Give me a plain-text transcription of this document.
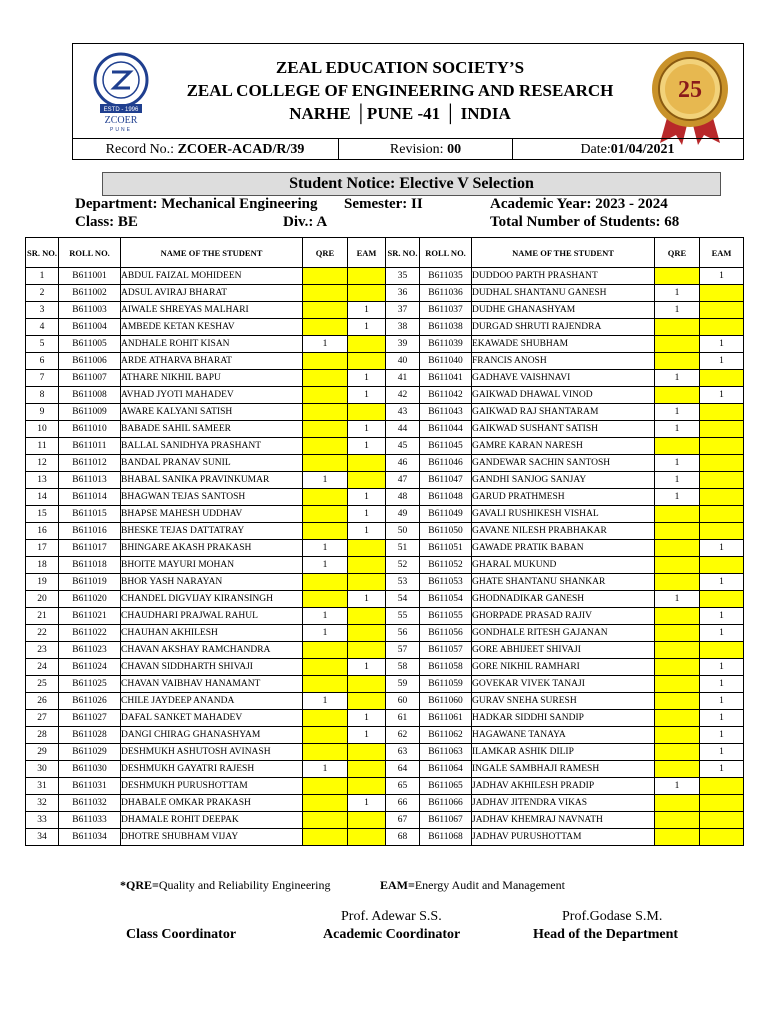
ESTD - 1996
ZCOER
PUNE
25
ZEAL EDUCATION SOCIETY’S
ZEAL COLLEGE OF ENGINEERING AND RESEARCH
NARHE │PUNE -41 │ INDIA
Record No.: ZCOER-ACAD/R/39	Revision: 00	Date:01/04/2021
Student Notice: Elective V Selection
Department: Mechanical Engineering Semester: II	Academic Year: 2023 - 2024
Class: BE	Div.: A	Total Number of Students: 68
SR. NO.	ROLL NO.	NAME OF THE STUDENT	QRE	EAM	SR. NO.	ROLL NO.	NAME OF THE STUDENT	QRE	EAM
1	B611001	ABDUL FAIZAL MOHIDEEN			35	B611035	DUDDOO PARTH PRASHANT		1
2	B611002	ADSUL AVIRAJ BHARAT			36	B611036	DUDHAL SHANTANU GANESH	1	
3	B611003	AIWALE SHREYAS MALHARI		1	37	B611037	DUDHE GHANASHYAM	1	
4	B611004	AMBEDE KETAN KESHAV		1	38	B611038	DURGAD SHRUTI RAJENDRA		
5	B611005	ANDHALE ROHIT KISAN	1		39	B611039	EKAWADE SHUBHAM		1
6	B611006	ARDE ATHARVA BHARAT			40	B611040	FRANCIS ANOSH		1
7	B611007	ATHARE NIKHIL BAPU		1	41	B611041	GADHAVE VAISHNAVI	1	
8	B611008	AVHAD JYOTI MAHADEV		1	42	B611042	GAIKWAD DHAWAL VINOD		1
9	B611009	AWARE KALYANI SATISH			43	B611043	GAIKWAD RAJ SHANTARAM	1	
10	B611010	BABADE SAHIL SAMEER		1	44	B611044	GAIKWAD SUSHANT SATISH	1	
11	B611011	BALLAL SANIDHYA PRASHANT		1	45	B611045	GAMRE KARAN NARESH		
12	B611012	BANDAL PRANAV SUNIL			46	B611046	GANDEWAR SACHIN SANTOSH	1	
13	B611013	BHABAL SANIKA PRAVINKUMAR	1		47	B611047	GANDHI SANJOG SANJAY	1	
14	B611014	BHAGWAN TEJAS SANTOSH		1	48	B611048	GARUD PRATHMESH	1	
15	B611015	BHAPSE MAHESH UDDHAV		1	49	B611049	GAVALI RUSHIKESH VISHAL		
16	B611016	BHESKE TEJAS DATTATRAY		1	50	B611050	GAVANE NILESH PRABHAKAR		
17	B611017	BHINGARE AKASH PRAKASH	1		51	B611051	GAWADE PRATIK BABAN		1
18	B611018	BHOITE MAYURI MOHAN	1		52	B611052	GHARAL MUKUND		
19	B611019	BHOR YASH NARAYAN			53	B611053	GHATE SHANTANU SHANKAR		1
20	B611020	CHANDEL DIGVIJAY KIRANSINGH		1	54	B611054	GHODNADIKAR GANESH	1	
21	B611021	CHAUDHARI PRAJWAL RAHUL	1		55	B611055	GHORPADE PRASAD RAJIV		1
22	B611022	CHAUHAN AKHILESH	1		56	B611056	GONDHALE RITESH GAJANAN		1
23	B611023	CHAVAN AKSHAY RAMCHANDRA			57	B611057	GORE ABHIJEET SHIVAJI		
24	B611024	CHAVAN SIDDHARTH SHIVAJI		1	58	B611058	GORE NIKHIL RAMHARI		1
25	B611025	CHAVAN VAIBHAV HANAMANT			59	B611059	GOVEKAR VIVEK TANAJI		1
26	B611026	CHILE JAYDEEP ANANDA	1		60	B611060	GURAV SNEHA SURESH		1
27	B611027	DAFAL SANKET MAHADEV		1	61	B611061	HADKAR SIDDHI SANDIP		1
28	B611028	DANGI CHIRAG GHANASHYAM		1	62	B611062	HAGAWANE TANAYA		1
29	B611029	DESHMUKH ASHUTOSH AVINASH			63	B611063	ILAMKAR ASHIK DILIP		1
30	B611030	DESHMUKH GAYATRI RAJESH	1		64	B611064	INGALE SAMBHAJI RAMESH		1
31	B611031	DESHMUKH PURUSHOTTAM			65	B611065	JADHAV AKHILESH PRADIP	1	
32	B611032	DHABALE OMKAR PRAKASH		1	66	B611066	JADHAV JITENDRA VIKAS		
33	B611033	DHAMALE ROHIT DEEPAK			67	B611067	JADHAV KHEMRAJ NAVNATH		
34	B611034	DHOTRE SHUBHAM VIJAY			68	B611068	JADHAV PURUSHOTTAM		
*QRE=Quality and Reliability Engineering	EAM=Energy Audit and Management
Class Coordinator
Prof. Adewar S.S.
Academic Coordinator
Prof.Godase S.M.
Head of the Department
